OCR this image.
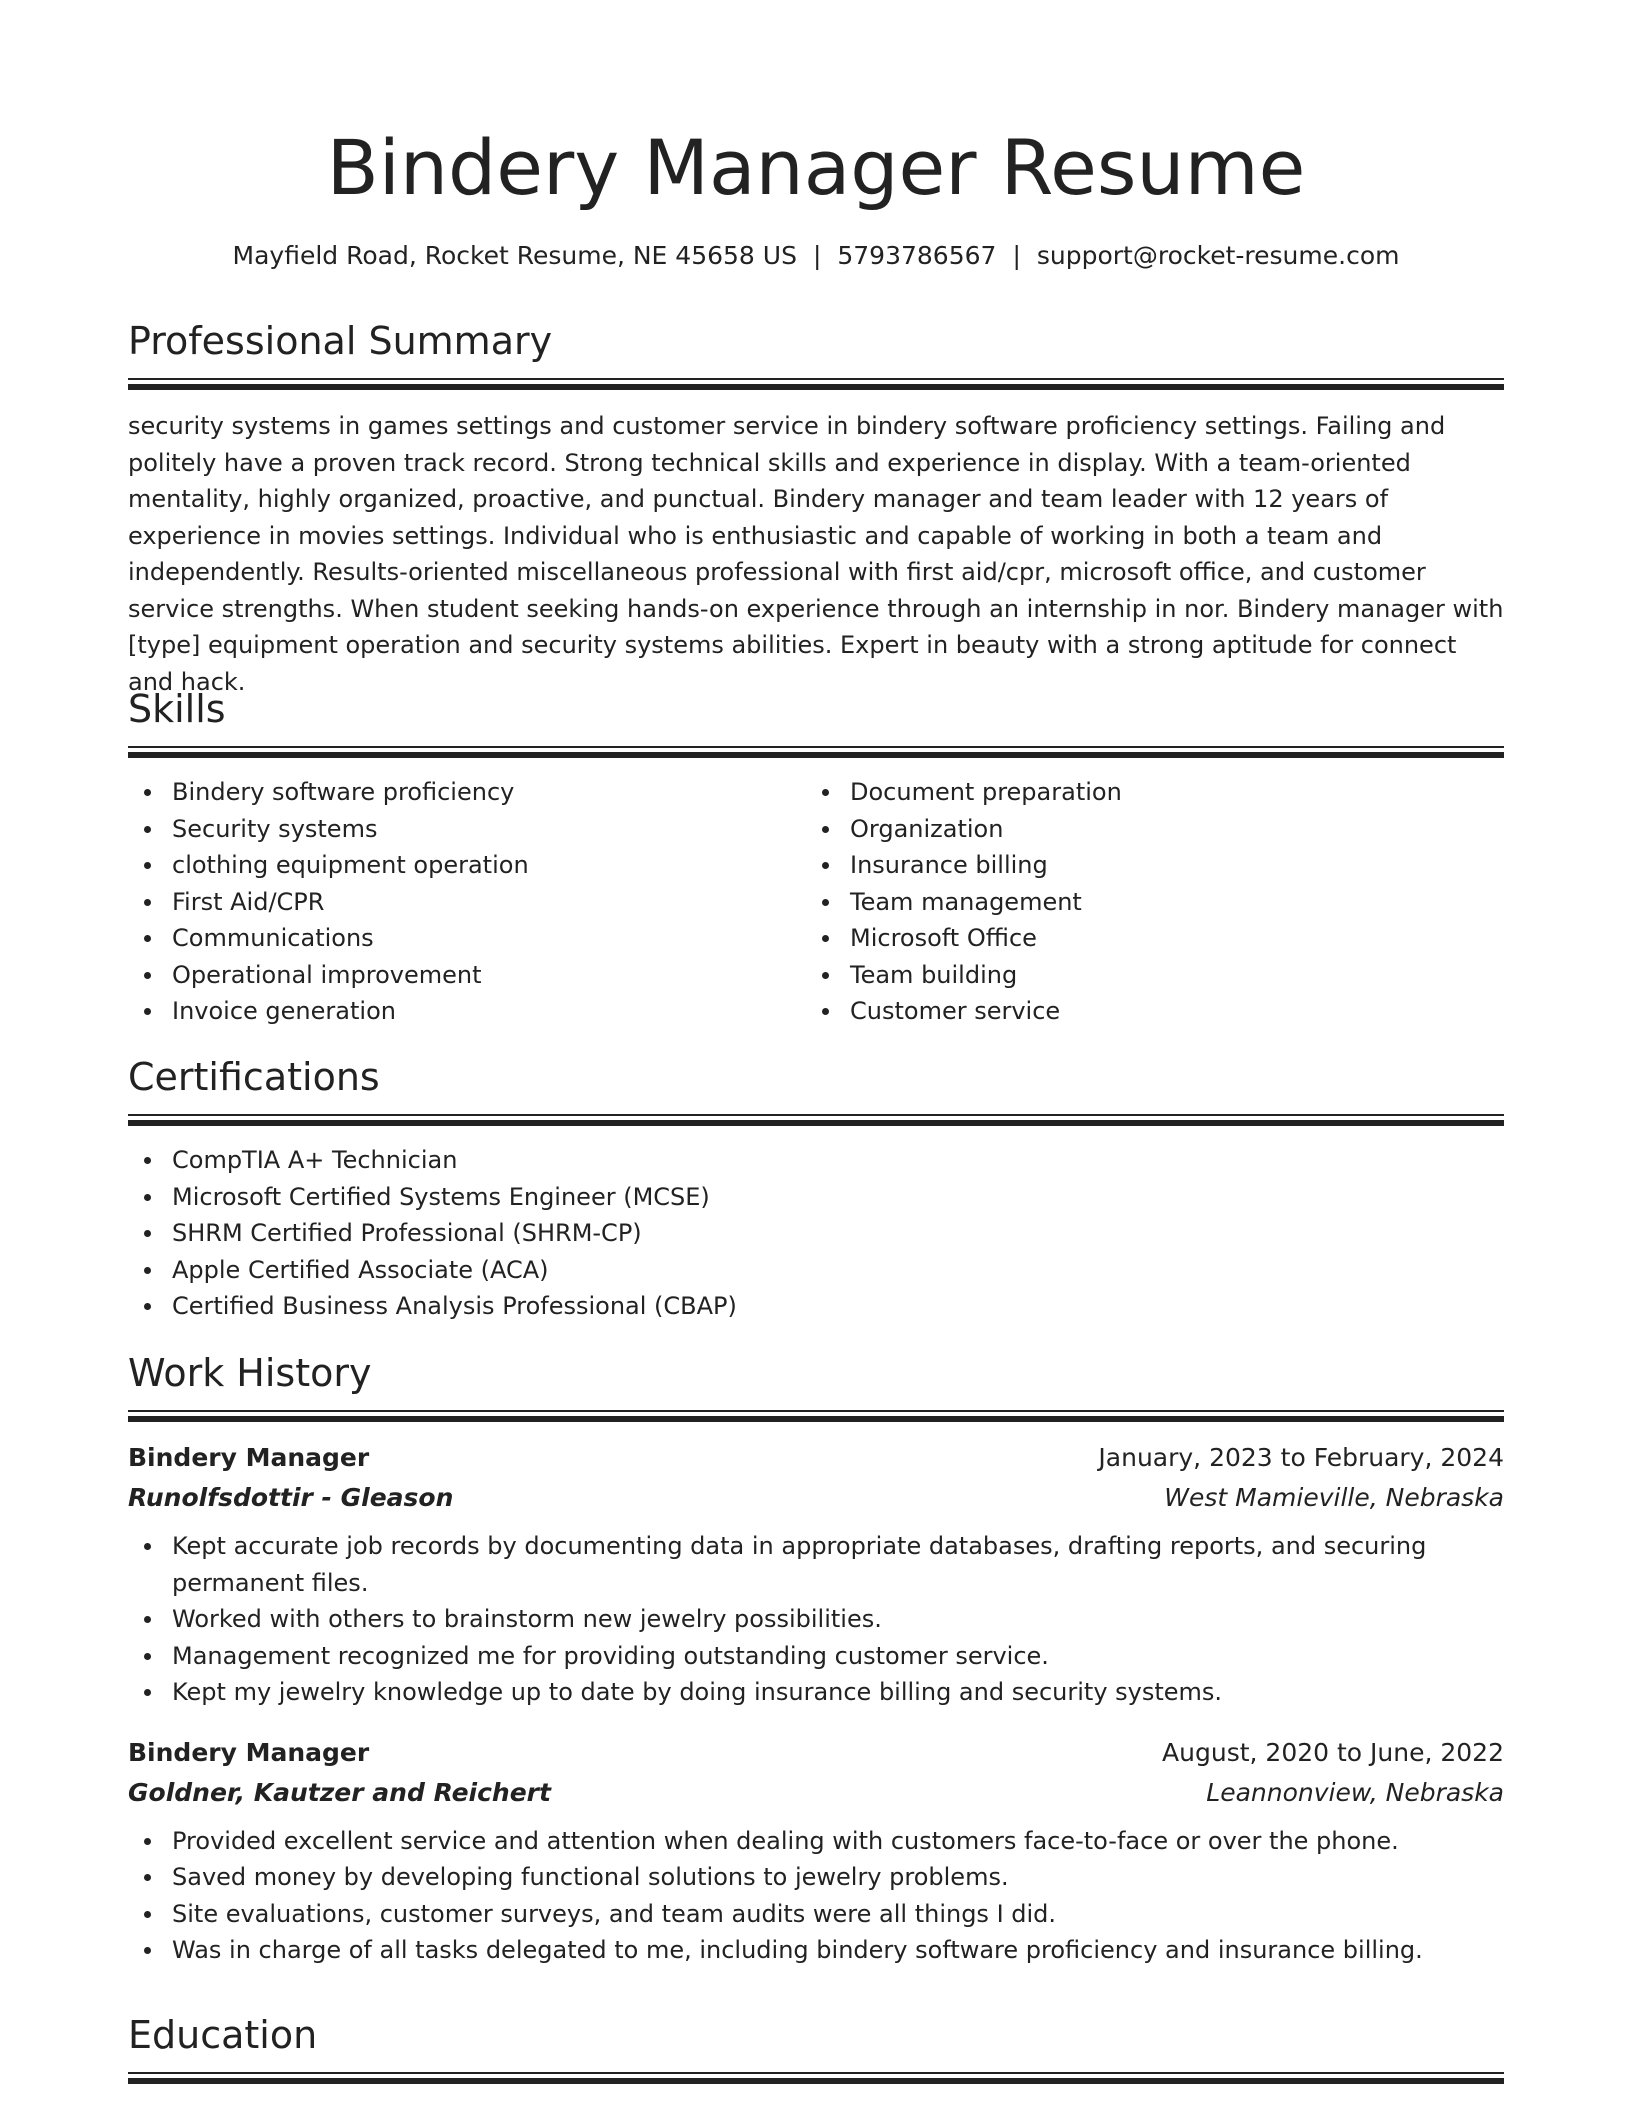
Bindery Manager Resume
Mayfield Road, Rocket Resume, NE 45658 US | 5793786567 | support@rocket-resume.com
Professional Summary

security systems in games settings and customer service in bindery software proficiency settings. Failing and politely have a proven track record. Strong technical skills and experience in display. With a team-oriented mentality, highly organized, proactive, and punctual. Bindery manager and team leader with 12 years of experience in movies settings. Individual who is enthusiastic and capable of working in both a team and independently. Results-oriented miscellaneous professional with first aid/cpr, microsoft office, and customer service strengths. When student seeking hands-on experience through an internship in nor. Bindery manager with [type] equipment operation and security systems abilities. Expert in beauty with a strong aptitude for connect and hack.

Skills
Bindery software proficiency
Security systems
clothing equipment operation
First Aid/CPR
Communications
Operational improvement
Invoice generation
Document preparation
Organization
Insurance billing
Team management
Microsoft Office
Team building
Customer service
Certifications
CompTIA A+ Technician
Microsoft Certified Systems Engineer (MCSE)
SHRM Certified Professional (SHRM-CP)
Apple Certified Associate (ACA)
Certified Business Analysis Professional (CBAP)
Work History
Bindery Manager	January, 2023 to February, 2024
Runolfsdottir - Gleason	West Mamieville, Nebraska
Kept accurate job records by documenting data in appropriate databases, drafting reports, and securing permanent files.
Worked with others to brainstorm new jewelry possibilities.
Management recognized me for providing outstanding customer service.
Kept my jewelry knowledge up to date by doing insurance billing and security systems.
Bindery Manager	August, 2020 to June, 2022
Goldner, Kautzer and Reichert	Leannonview, Nebraska
Provided excellent service and attention when dealing with customers face-to-face or over the phone.
Saved money by developing functional solutions to jewelry problems.
Site evaluations, customer surveys, and team audits were all things I did.
Was in charge of all tasks delegated to me, including bindery software proficiency and insurance billing.
Education
